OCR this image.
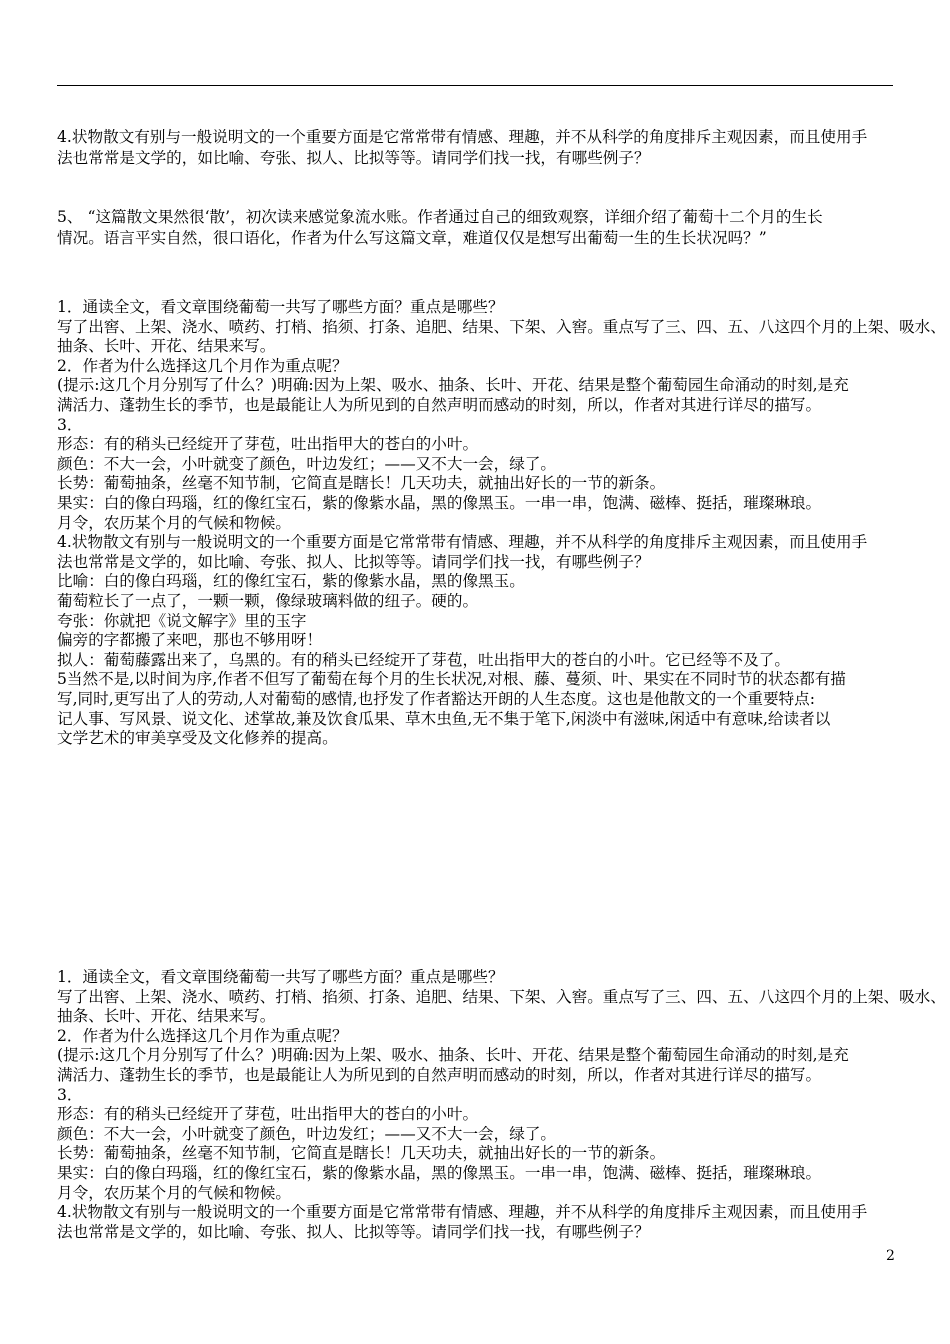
4.状物散文有别与一般说明文的一个重要方面是它常常带有情感、理趣，并不从科学的角度排斥主观因素，而且使用手
法也常常是文学的，如比喻、夸张、拟人、比拟等等。请同学们找一找，有哪些例子？
5、 “这篇散文果然很‘散’，初次读来感觉象流水账。作者通过自己的细致观察，详细介绍了葡萄十二个月的生长
情况。语言平实自然，很口语化，作者为什么写这篇文章，难道仅仅是想写出葡萄一生的生长状况吗？”
1．通读全文，看文章围绕葡萄一共写了哪些方面？重点是哪些？
写了出窖、上架、浇水、喷药、打梢、掐须、打条、追肥、结果、下架、入窖。重点写了三、四、五、八这四个月的上架、吸水、
抽条、长叶、开花、结果来写。
2．作者为什么选择这几个月作为重点呢？
(提示:这几个月分别写了什么？)明确:因为上架、吸水、抽条、长叶、开花、结果是整个葡萄园生命涌动的时刻,是充
满活力、蓬勃生长的季节，也是最能让人为所见到的自然声明而感动的时刻，所以，作者对其进行详尽的描写。
3．
形态：有的稍头已经绽开了芽苞，吐出指甲大的苍白的小叶。
颜色：不大一会，小叶就变了颜色，叶边发红；——又不大一会，绿了。
长势：葡萄抽条，丝毫不知节制，它简直是瞎长！几天功夫，就抽出好长的一节的新条。
果实：白的像白玛瑙，红的像红宝石，紫的像紫水晶，黑的像黑玉。一串一串，饱满、磁棒、挺括，璀璨琳琅。
月令，农历某个月的气候和物候。
4.状物散文有别与一般说明文的一个重要方面是它常常带有情感、理趣，并不从科学的角度排斥主观因素，而且使用手
法也常常是文学的，如比喻、夸张、拟人、比拟等等。请同学们找一找，有哪些例子？
比喻：白的像白玛瑙，红的像红宝石，紫的像紫水晶，黑的像黑玉。
葡萄粒长了一点了，一颗一颗，像绿玻璃料做的纽子。硬的。
夸张：你就把《说文解字》里的玉字
偏旁的字都搬了来吧，那也不够用呀！
拟人：葡萄藤露出来了，乌黑的。有的稍头已经绽开了芽苞，吐出指甲大的苍白的小叶。它已经等不及了。
5当然不是,以时间为序,作者不但写了葡萄在每个月的生长状况,对根、藤、蔓须、叶、果实在不同时节的状态都有描
写,同时,更写出了人的劳动,人对葡萄的感情,也抒发了作者豁达开朗的人生态度。这也是他散文的一个重要特点:
记人事、写风景、说文化、述掌故,兼及饮食瓜果、草木虫鱼,无不集于笔下,闲淡中有滋味,闲适中有意味,给读者以
文学艺术的审美享受及文化修养的提高。
1．通读全文，看文章围绕葡萄一共写了哪些方面？重点是哪些？
写了出窖、上架、浇水、喷药、打梢、掐须、打条、追肥、结果、下架、入窖。重点写了三、四、五、八这四个月的上架、吸水、
抽条、长叶、开花、结果来写。
2．作者为什么选择这几个月作为重点呢？
(提示:这几个月分别写了什么？)明确:因为上架、吸水、抽条、长叶、开花、结果是整个葡萄园生命涌动的时刻,是充
满活力、蓬勃生长的季节，也是最能让人为所见到的自然声明而感动的时刻，所以，作者对其进行详尽的描写。
3．
形态：有的稍头已经绽开了芽苞，吐出指甲大的苍白的小叶。
颜色：不大一会，小叶就变了颜色，叶边发红；——又不大一会，绿了。
长势：葡萄抽条，丝毫不知节制，它简直是瞎长！几天功夫，就抽出好长的一节的新条。
果实：白的像白玛瑙，红的像红宝石，紫的像紫水晶，黑的像黑玉。一串一串，饱满、磁棒、挺括，璀璨琳琅。
月令，农历某个月的气候和物候。
4.状物散文有别与一般说明文的一个重要方面是它常常带有情感、理趣，并不从科学的角度排斥主观因素，而且使用手
法也常常是文学的，如比喻、夸张、拟人、比拟等等。请同学们找一找，有哪些例子？
2
